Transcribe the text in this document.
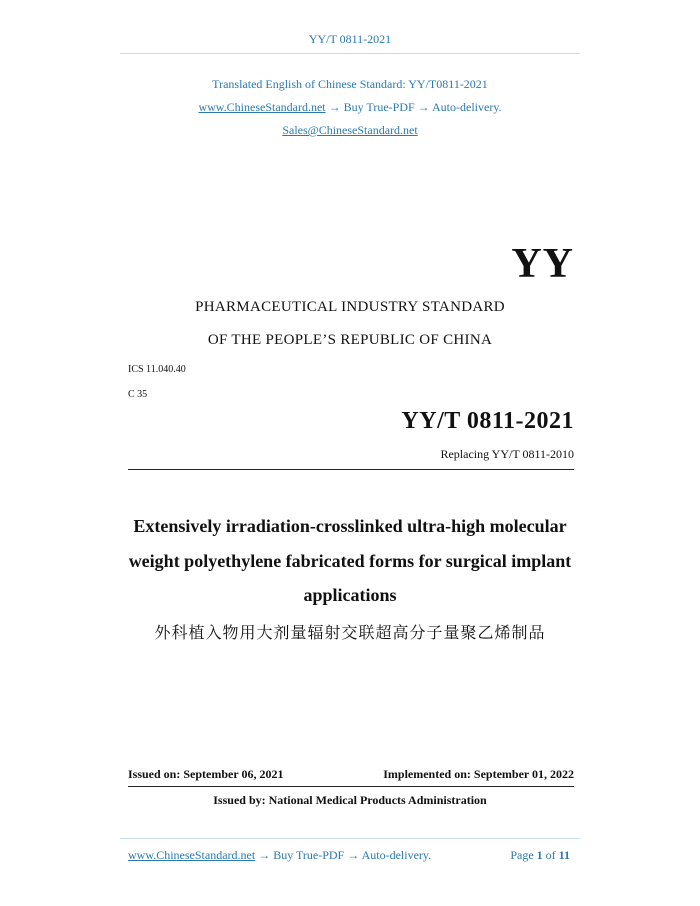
YY/T 0811-2021
Translated English of Chinese Standard: YY/T0811-2021
www.ChineseStandard.net → Buy True-PDF → Auto-delivery.
Sales@ChineseStandard.net
YY
PHARMACEUTICAL INDUSTRY STANDARD
OF THE PEOPLE’S REPUBLIC OF CHINA
ICS 11.040.40
C 35
YY/T 0811-2021
Replacing YY/T 0811-2010
Extensively irradiation-crosslinked ultra-high molecular
weight polyethylene fabricated forms for surgical implant
applications
外科植入物用大剂量辐射交联超高分子量聚乙烯制品
Issued on: September 06, 2021	Implemented on: September 01, 2022
Issued by: National Medical Products Administration
www.ChineseStandard.net → Buy True-PDF → Auto-delivery.	Page 1 of 11
